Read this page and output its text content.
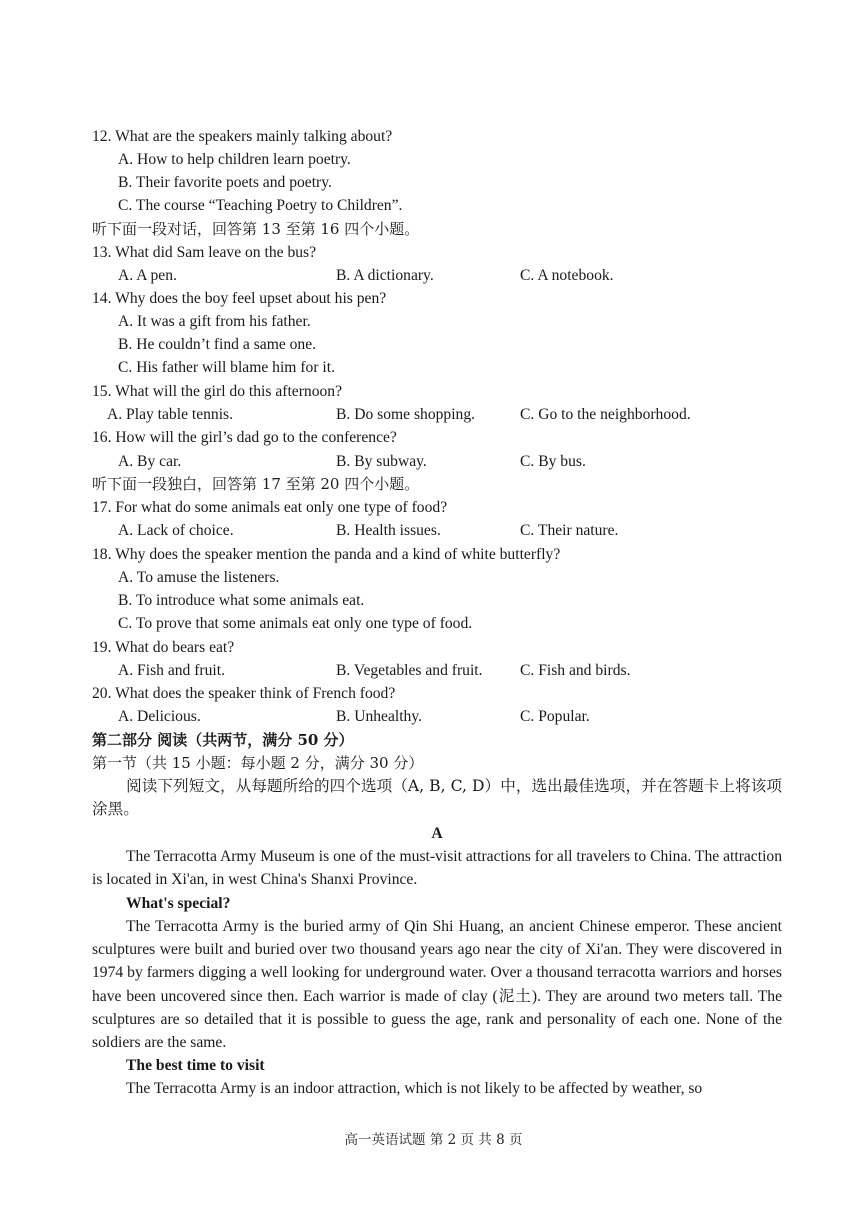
12. What are the speakers mainly talking about?
A. How to help children learn poetry.
B. Their favorite poets and poetry.
C. The course “Teaching Poetry to Children”.
听下面一段对话，回答第 13 至第 16 四个小题。
13. What did Sam leave on the bus?
A. A pen.	B. A dictionary.	C. A notebook.
14. Why does the boy feel upset about his pen?
A. It was a gift from his father.
B. He couldn’t find a same one.
C. His father will blame him for it.
15. What will the girl do this afternoon?
A. Play table tennis.	B. Do some shopping.	C. Go to the neighborhood.
16. How will the girl’s dad go to the conference?
A. By car.	B. By subway.	C. By bus.
听下面一段独白，回答第 17 至第 20 四个小题。
17. For what do some animals eat only one type of food?
A. Lack of choice.	B. Health issues.	C. Their nature.
18. Why does the speaker mention the panda and a kind of white butterfly?
A. To amuse the listeners.
B. To introduce what some animals eat.
C. To prove that some animals eat only one type of food.
19. What do bears eat?
A. Fish and fruit.	B. Vegetables and fruit. C. Fish and birds.
20. What does the speaker think of French food?
A. Delicious.	B. Unhealthy.	C. Popular.
第二部分 阅读（共两节，满分 50 分）
第一节（共 15 小题：每小题 2 分，满分 30 分）
阅读下列短文，从每题所给的四个选项（A, B, C, D）中，选出最佳选项，并在答题卡上将该项涂黑。
A
The Terracotta Army Museum is one of the must-visit attractions for all travelers to China. The attraction is located in Xi'an, in west China's Shanxi Province.
What's special?
The Terracotta Army is the buried army of Qin Shi Huang, an ancient Chinese emperor. These ancient sculptures were built and buried over two thousand years ago near the city of Xi'an. They were discovered in 1974 by farmers digging a well looking for underground water. Over a thousand terracotta warriors and horses have been uncovered since then. Each warrior is made of clay (泥土). They are around two meters tall. The sculptures are so detailed that it is possible to guess the age, rank and personality of each one. None of the soldiers are the same.
The best time to visit
The Terracotta Army is an indoor attraction, which is not likely to be affected by weather, so
高一英语试题 第 2 页 共 8 页
